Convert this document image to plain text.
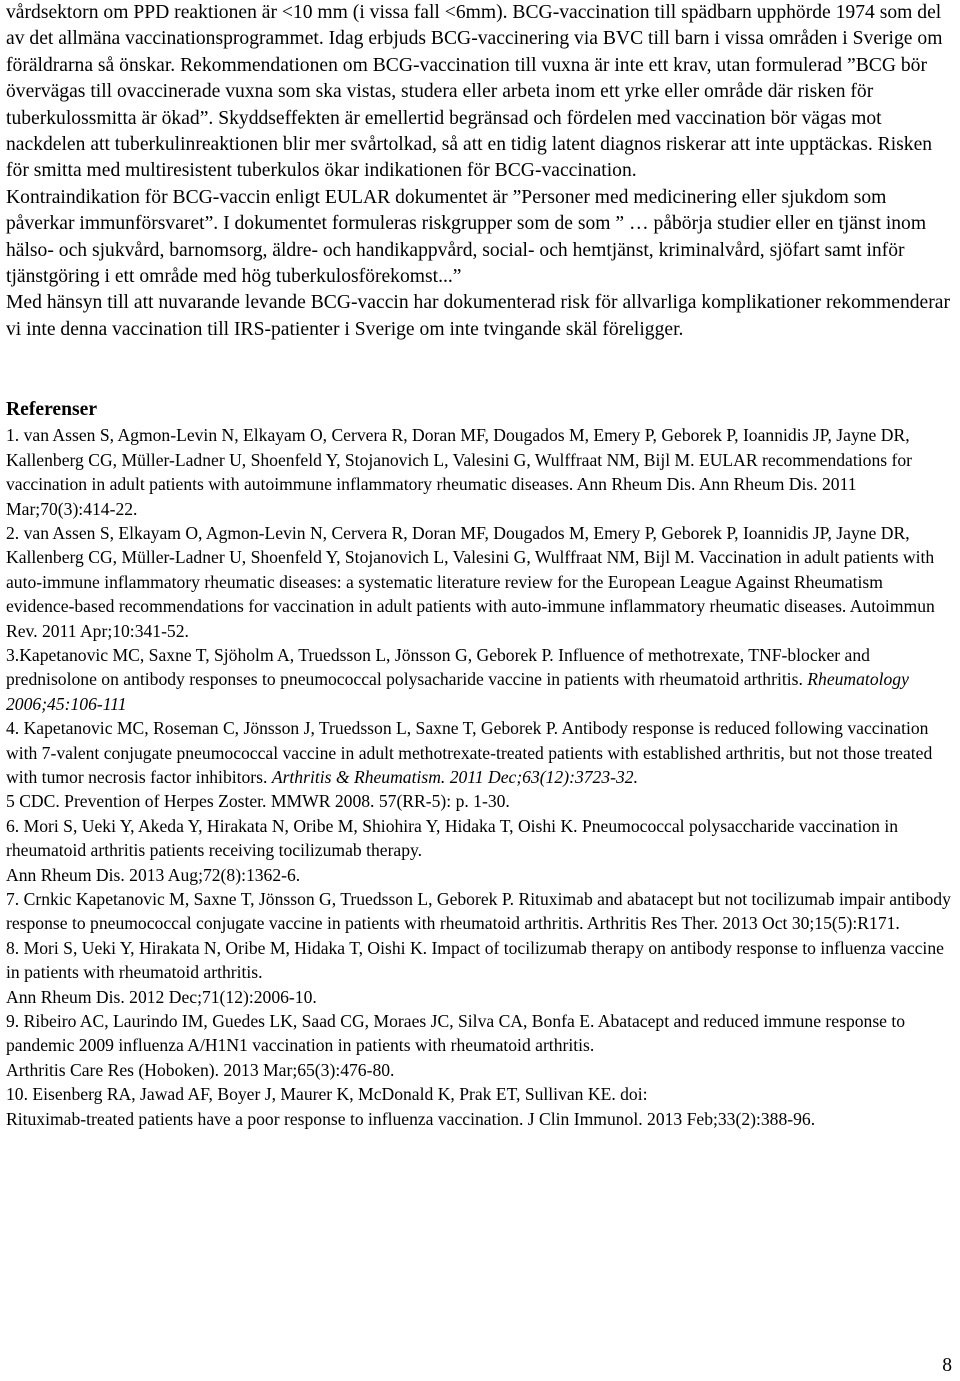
vårdsektorn om PPD reaktionen är <10 mm (i vissa fall <6mm). BCG-vaccination till spädbarn upphörde 1974 som del av det allmäna vaccinationsprogrammet. Idag erbjuds BCG-vaccinering via BVC till barn i vissa områden i Sverige om föräldrarna så önskar. Rekommendationen om BCG-vaccination till vuxna är inte ett krav, utan formulerad ”BCG bör övervägas till ovaccinerade vuxna som ska vistas, studera eller arbeta inom ett yrke eller område där risken för tuberkulossmitta är ökad”. Skyddseffekten är emellertid begränsad och fördelen med vaccination bör vägas mot nackdelen att tuberkulinreaktionen blir mer svårtolkad, så att en tidig latent diagnos riskerar att inte upptäckas. Risken för smitta med multiresistent tuberkulos ökar indikationen för BCG-vaccination.

Kontraindikation för BCG-vaccin enligt EULAR dokumentet är ”Personer med medicinering eller sjukdom som påverkar immunförsvaret”. I dokumentet formuleras riskgrupper som de som ” … påbörja studier eller en tjänst inom hälso- och sjukvård, barnomsorg, äldre- och handikappvård, social- och hemtjänst, kriminalvård, sjöfart samt inför tjänstgöring i ett område med hög tuberkulosförekomst...”

Med hänsyn till att nuvarande levande BCG-vaccin har dokumenterad risk för allvarliga komplikationer rekommenderar vi inte denna vaccination till IRS-patienter i Sverige om inte tvingande skäl föreligger.

Referenser

1. van Assen S, Agmon-Levin N, Elkayam O, Cervera R, Doran MF, Dougados M, Emery P, Geborek P, Ioannidis JP, Jayne DR, Kallenberg CG, Müller-Ladner U, Shoenfeld Y, Stojanovich L, Valesini G, Wulffraat NM, Bijl M. EULAR recommendations for vaccination in adult patients with autoimmune inflammatory rheumatic diseases. Ann Rheum Dis. Ann Rheum Dis. 2011 Mar;70(3):414-22.

2. van Assen S, Elkayam O, Agmon-Levin N, Cervera R, Doran MF, Dougados M, Emery P, Geborek P, Ioannidis JP, Jayne DR, Kallenberg CG, Müller-Ladner U, Shoenfeld Y, Stojanovich L, Valesini G, Wulffraat NM, Bijl M. Vaccination in adult patients with auto-immune inflammatory rheumatic diseases: a systematic literature review for the European League Against Rheumatism evidence-based recommendations for vaccination in adult patients with auto-immune inflammatory rheumatic diseases. Autoimmun Rev. 2011 Apr;10:341-52.

3.Kapetanovic MC, Saxne T, Sjöholm A, Truedsson L, Jönsson G, Geborek P. Influence of methotrexate, TNF-blocker and prednisolone on antibody responses to pneumococcal polysacharide vaccine in patients with rheumatoid arthritis. Rheumatology 2006;45:106-111

4. Kapetanovic MC, Roseman C, Jönsson J, Truedsson L, Saxne T, Geborek P. Antibody response is reduced following vaccination with 7-valent conjugate pneumococcal vaccine in adult methotrexate-treated patients with established arthritis, but not those treated with tumor necrosis factor inhibitors. Arthritis & Rheumatism. 2011 Dec;63(12):3723-32.

5 CDC. Prevention of Herpes Zoster. MMWR 2008. 57(RR-5): p. 1-30.

6. Mori S, Ueki Y, Akeda Y, Hirakata N, Oribe M, Shiohira Y, Hidaka T, Oishi K. Pneumococcal polysaccharide vaccination in rheumatoid arthritis patients receiving tocilizumab therapy.
Ann Rheum Dis. 2013 Aug;72(8):1362-6.

7. Crnkic Kapetanovic M, Saxne T, Jönsson G, Truedsson L, Geborek P. Rituximab and abatacept but not tocilizumab impair antibody response to pneumococcal conjugate vaccine in patients with rheumatoid arthritis. Arthritis Res Ther. 2013 Oct 30;15(5):R171.

8. Mori S, Ueki Y, Hirakata N, Oribe M, Hidaka T, Oishi K. Impact of tocilizumab therapy on antibody response to influenza vaccine in patients with rheumatoid arthritis.
Ann Rheum Dis. 2012 Dec;71(12):2006-10.

9. Ribeiro AC, Laurindo IM, Guedes LK, Saad CG, Moraes JC, Silva CA, Bonfa E. Abatacept and reduced immune response to pandemic 2009 influenza A/H1N1 vaccination in patients with rheumatoid arthritis.
Arthritis Care Res (Hoboken). 2013 Mar;65(3):476-80.

10. Eisenberg RA, Jawad AF, Boyer J, Maurer K, McDonald K, Prak ET, Sullivan KE. doi:
Rituximab-treated patients have a poor response to influenza vaccination. J Clin Immunol. 2013 Feb;33(2):388-96.

8
